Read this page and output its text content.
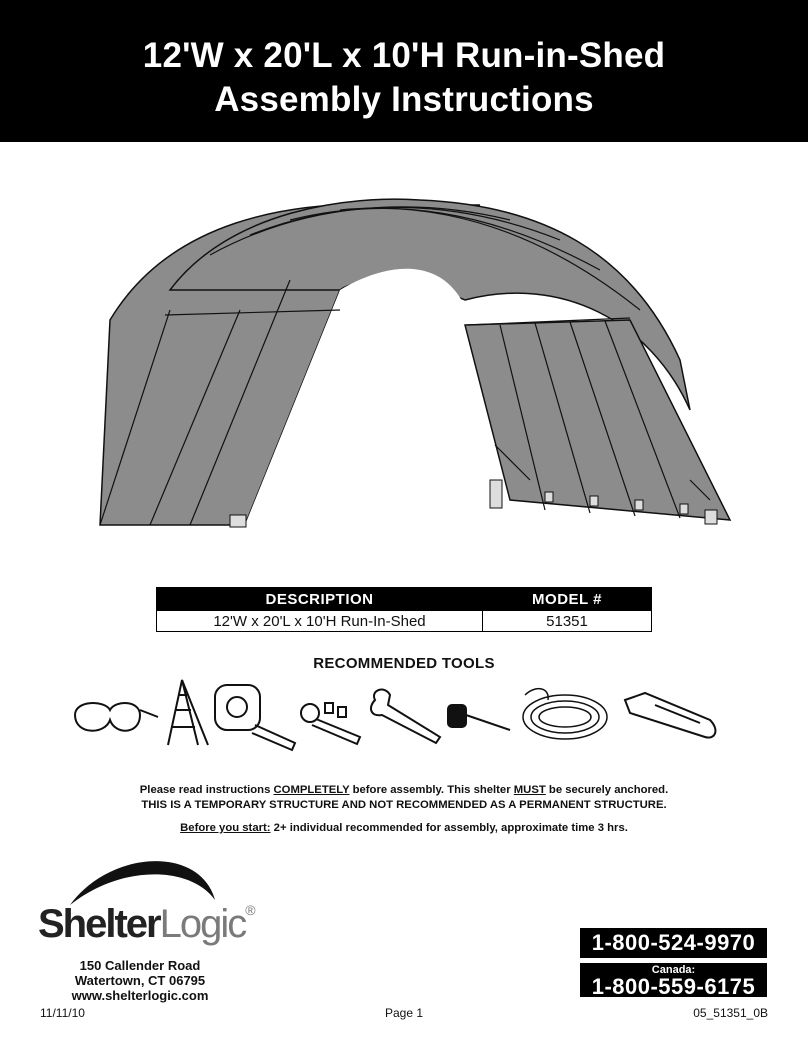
12'W x 20'L x 10'H Run-in-Shed
Assembly Instructions
DESCRIPTION	MODEL #
12'W x 20'L x 10'H Run-In-Shed	51351
RECOMMENDED TOOLS
Please read instructions COMPLETELY before assembly. This shelter MUST be securely anchored.
THIS IS A TEMPORARY STRUCTURE AND NOT RECOMMENDED AS A PERMANENT STRUCTURE.
Before you start: 2+ individual recommended for assembly, approximate time 3 hrs.
ShelterLogic®
150 Callender Road
Watertown, CT 06795
www.shelterlogic.com
1-800-524-9970
Canada:
1-800-559-6175
11/11/10	Page 1	05_51351_0B
